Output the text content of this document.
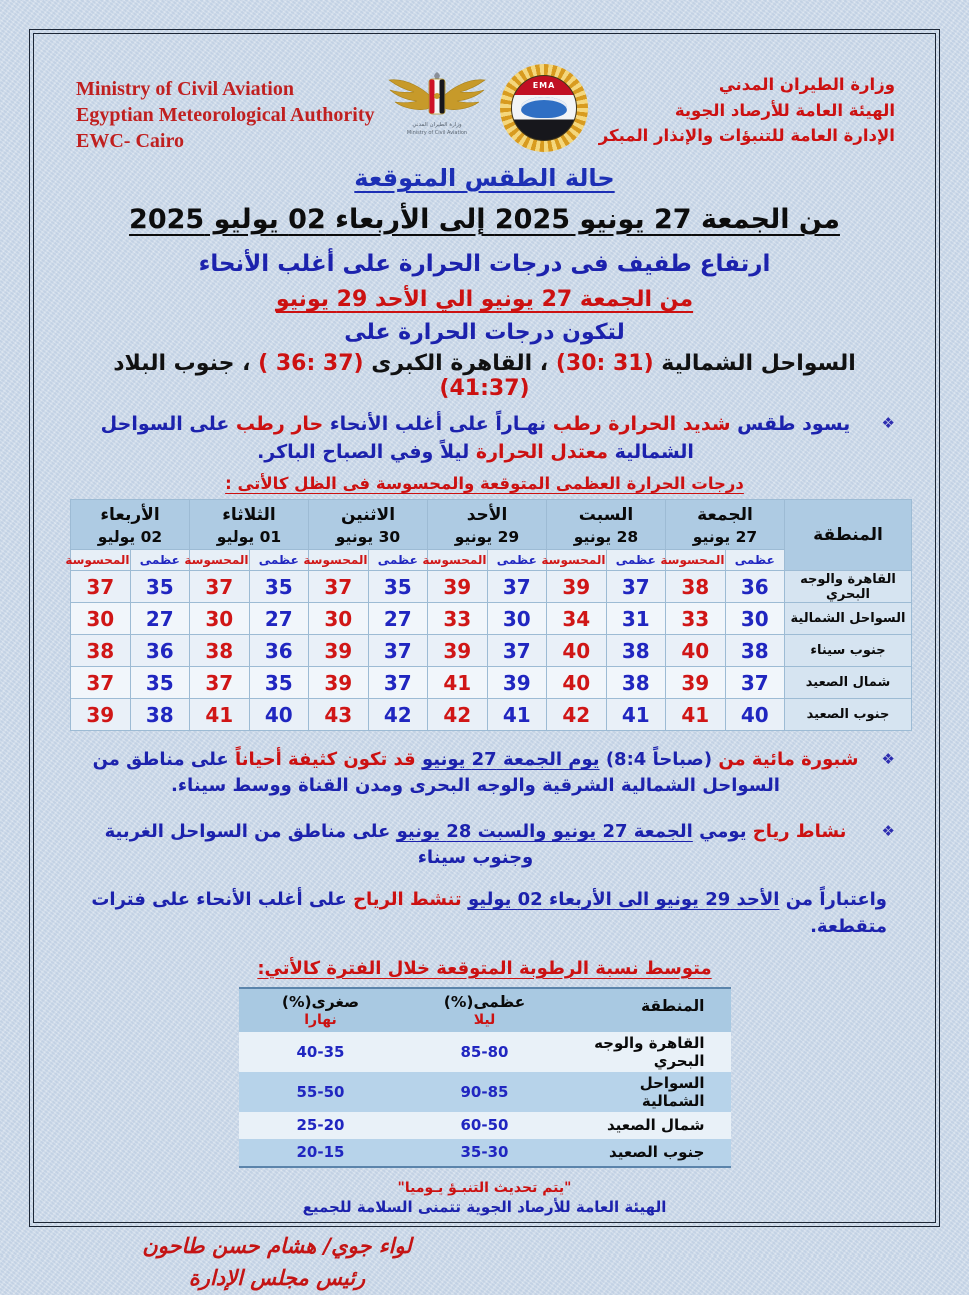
Ministry of Civil Aviation
Egyptian Meteorological Authority
EWC- Cairo
وزارة الطيران المدني
Ministry of Civil Aviation
EMA	وزارة الطيران المدني
الهيئة العامة للأرصاد الجوية
الإدارة العامة للتنبؤات والإنذار المبكر
حالة الطقس المتوقعة
من الجمعة 27 يونيو 2025 إلى الأربعاء 02 يوليو 2025
ارتفاع طفيف فى درجات الحرارة على أغلب الأنحاء
من الجمعة 27 يونيو الي الأحد 29 يونيو
لتكون درجات الحرارة على
السواحل الشمالية (30: 31) ، القاهرة الكبرى ( 36: 37) ، جنوب البلاد (41:37)
❖
يسود طقس شديد الحرارة رطب نهـاراً على أغلب الأنحاء حار رطب على السواحل الشمالية معتدل الحرارة ليلاً وفي الصباح الباكر.
درجات الحرارة العظمى المتوقعة والمحسوسة فى الظل كالأتى :
المنطقة	
الجمعة
27 يونيو

السبت
28 يونيو

الأحد
29 يونيو

الاثنين
30 يونيو

الثلاثاء
01 يوليو

الأربعاء
02 يوليو

	عظمى	المحسوسة	عظمى	المحسوسة	عظمى	المحسوسة	عظمى	المحسوسة	عظمى	المحسوسة	عظمى	المحسوسة
القاهرة والوجه البحري	36	38	37	39	37	39	35	37	35	37	35	37
السواحل الشمالية	30	33	31	34	30	33	27	30	27	30	27	30
جنوب سيناء	38	40	38	40	37	39	37	39	36	38	36	38
شمال الصعيد	37	39	38	40	39	41	37	39	35	37	35	37
جنوب الصعيد	40	41	41	42	41	42	42	43	40	41	38	39
❖
شبورة مائية من (8:4 صباحاً) يوم الجمعة 27 يونيو قد تكون كثيفة أحياناً على مناطق من السواحل الشمالية الشرقية والوجه البحرى ومدن القناة ووسط سيناء.
❖
نشاط رياح يومي الجمعة 27 يونيو والسبت 28 يونيو على مناطق من السواحل الغربية وجنوب سيناء
واعتباراً من الأحد 29 يونيو الى الأربعاء 02 يوليو تنشط الرياح على أغلب الأنحاء على فترات متقطعة.
متوسط نسبة الرطوبة المتوقعة خلال الفترة كالأتي:
المنطقة	
عظمى(%)
ليلا

صغرى(%)
نهارا

القاهرة والوجه البحري	85-80	40-35
السواحل الشمالية	90-85	55-50
شمال الصعيد	60-50	25-20
جنوب الصعيد	35-30	20-15
"يتم تحديث التنبـؤ يـوميا"
الهيئة العامة للأرصاد الجوية تتمنى السلامة للجميع
لواء جوي/ هشام حسن طاحون
رئيس مجلس الإدارة
